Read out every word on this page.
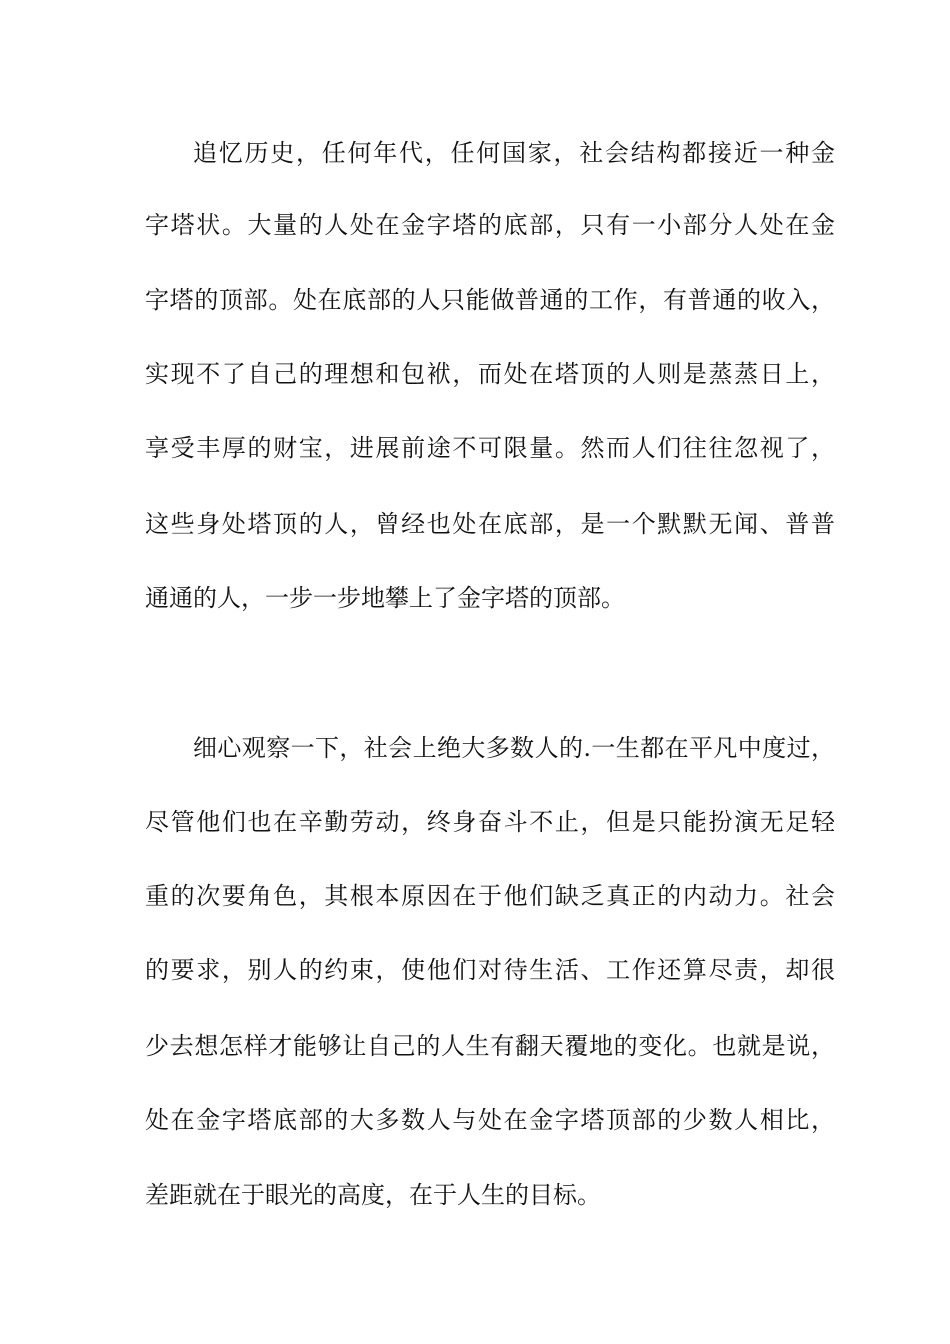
追忆历史，任何年代，任何国家，社会结构都接近一种金
字塔状。大量的人处在金字塔的底部，只有一小部分人处在金
字塔的顶部。处在底部的人只能做普通的工作，有普通的收入，
实现不了自己的理想和包袱，而处在塔顶的人则是蒸蒸日上，
享受丰厚的财宝，进展前途不可限量。然而人们往往忽视了，
这些身处塔顶的人，曾经也处在底部，是一个默默无闻、普普
通通的人，一步一步地攀上了金字塔的顶部。
细心观察一下，社会上绝大多数人的.一生都在平凡中度过，
尽管他们也在辛勤劳动，终身奋斗不止，但是只能扮演无足轻
重的次要角色，其根本原因在于他们缺乏真正的内动力。社会
的要求，别人的约束，使他们对待生活、工作还算尽责，却很
少去想怎样才能够让自己的人生有翻天覆地的变化。也就是说，
处在金字塔底部的大多数人与处在金字塔顶部的少数人相比，
差距就在于眼光的高度，在于人生的目标。
